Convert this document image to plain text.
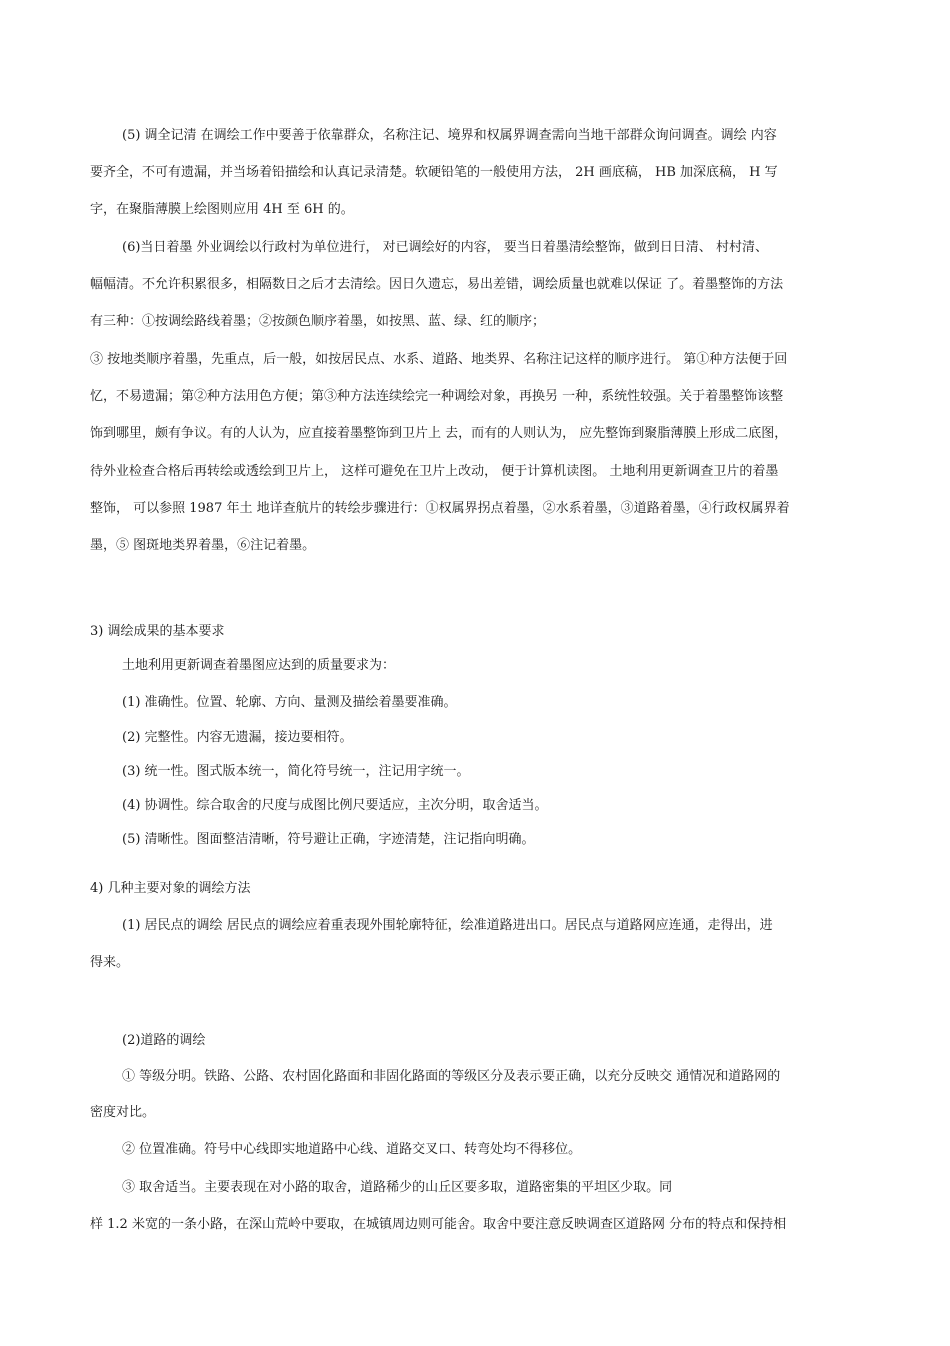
(5) 调全记清 在调绘工作中要善于依靠群众，名称注记、境界和权属界调查需向当地干部群众询问调查。调绘 内容
要齐全，不可有遗漏，并当场着铅描绘和认真记录清楚。软硬铅笔的一般使用方法， 2H 画底稿， HB 加深底稿， H 写
字，在聚脂薄膜上绘图则应用 4H 至 6H 的。
(6)当日着墨 外业调绘以行政村为单位进行， 对已调绘好的内容， 要当日着墨清绘整饰，做到日日清、 村村清、
幅幅清。不允许积累很多，相隔数日之后才去清绘。因日久遗忘，易出差错，调绘质量也就难以保证 了。着墨整饰的方法
有三种：①按调绘路线着墨；②按颜色顺序着墨，如按黑、蓝、绿、红的顺序；
③ 按地类顺序着墨，先重点，后一般，如按居民点、水系、道路、地类界、名称注记这样的顺序进行。 第①种方法便于回
忆，不易遗漏；第②种方法用色方便；第③种方法连续绘完一种调绘对象，再换另 一种，系统性较强。关于着墨整饰该整
饰到哪里，颇有争议。有的人认为，应直接着墨整饰到卫片上 去，而有的人则认为， 应先整饰到聚脂薄膜上形成二底图，
待外业检查合格后再转绘或透绘到卫片上， 这样可避免在卫片上改动， 便于计算机读图。 土地利用更新调查卫片的着墨
整饰， 可以参照 1987 年土 地详查航片的转绘步骤进行：①权属界拐点着墨，②水系着墨，③道路着墨，④行政权属界着
墨，⑤ 图斑地类界着墨，⑥注记着墨。
3) 调绘成果的基本要求
土地利用更新调查着墨图应达到的质量要求为：
(1) 准确性。位置、轮廓、方向、量测及描绘着墨要准确。
(2) 完整性。内容无遗漏，接边要相符。
(3) 统一性。图式版本统一，简化符号统一，注记用字统一。
(4) 协调性。综合取舍的尺度与成图比例尺要适应，主次分明，取舍适当。
(5) 清晰性。图面整洁清晰，符号避让正确，字迹清楚，注记指向明确。
4) 几种主要对象的调绘方法
(1) 居民点的调绘 居民点的调绘应着重表现外围轮廓特征，绘准道路进出口。居民点与道路网应连通，走得出，进
得来。
(2)道路的调绘
① 等级分明。铁路、公路、农村固化路面和非固化路面的等级区分及表示要正确，以充分反映交 通情况和道路网的
密度对比。
② 位置准确。符号中心线即实地道路中心线、道路交叉口、转弯处均不得移位。
③ 取舍适当。主要表现在对小路的取舍，道路稀少的山丘区要多取，道路密集的平坦区少取。同
样 1.2 米宽的一条小路，在深山荒岭中要取，在城镇周边则可能舍。取舍中要注意反映调查区道路网 分布的特点和保持相
